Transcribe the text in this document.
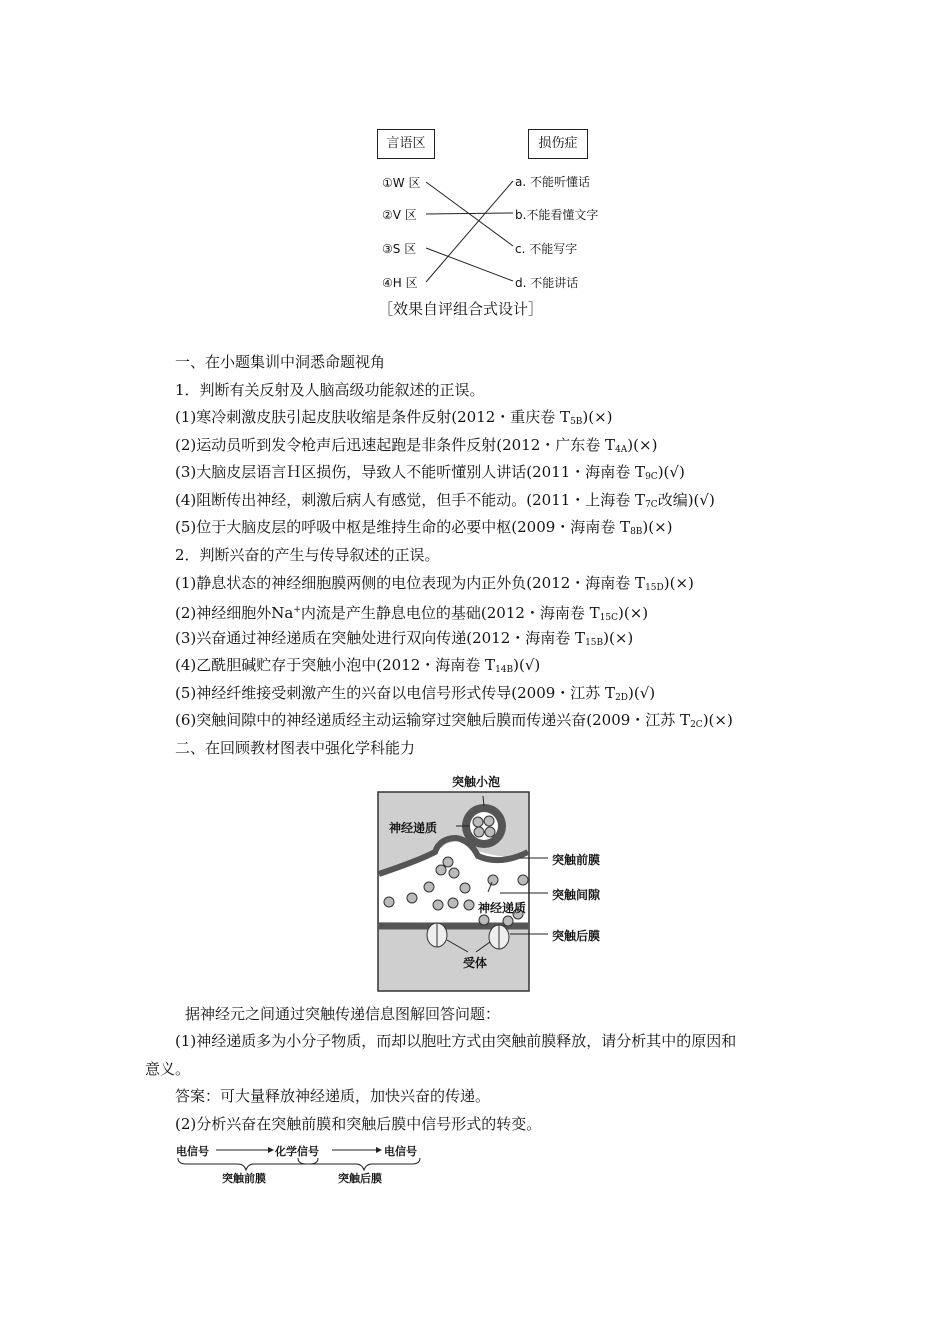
言语区	损伤症
①W 区
②V 区
③S 区
④H 区
a. 不能听懂话
b.不能看懂文字
c. 不能写字
d. 不能讲话
［效果自评组合式设计］
一、在小题集训中洞悉命题视角
1．判断有关反射及人脑高级功能叙述的正误。
(1)寒冷刺激皮肤引起皮肤收缩是条件反射(2012・重庆卷 $T_{5B})(\times)$
(2)运动员听到发令枪声后迅速起跑是非条件反射(2012・广东卷 $T_{4A})(\times)$
(3)大脑皮层语言Ｈ区损伤，导致人不能听懂别人讲话(2011・海南卷 $T_{9C})(√)$
(4)阻断传出神经，刺激后病人有感觉，但手不能动。(2011・上海卷 $T_{7C}$改编)(√)
(5)位于大脑皮层的呼吸中枢是维持生命的必要中枢(2009・海南卷 $T_{8B})(\times)$
2．判断兴奋的产生与传导叙述的正误。
(1)静息状态的神经细胞膜两侧的电位表现为内正外负(2012・海南卷 $T_{15D})(\times)$
(2)神经细胞外Na+内流是产生静息电位的基础(2012・海南卷 $T_{15C})(\times)$
(3)兴奋通过神经递质在突触处进行双向传递(2012・海南卷 $T_{15B})(\times)$
(4)乙酰胆碱贮存于突触小泡中(2012・海南卷 $T_{14B})(√)$
(5)神经纤维接受刺激产生的兴奋以电信号形式传导(2009・江苏 $T_{2D})(√)$
(6)突触间隙中的神经递质经主动运输穿过突触后膜而传递兴奋(2009・江苏 $T_{2C})(\times)$
二、在回顾教材图表中强化学科能力
突触小泡
神经递质
突触前膜
突触间隙
神经递质
突触后膜
受体
据神经元之间通过突触传递信息图解回答问题：
(1)神经递质多为小分子物质，而却以胞吐方式由突触前膜释放，请分析其中的原因和
意义。
答案：可大量释放神经递质，加快兴奋的传递。
(2)分析兴奋在突触前膜和突触后膜中信号形式的转变。
电信号	化学信号	电信号
突触前膜	突触后膜
